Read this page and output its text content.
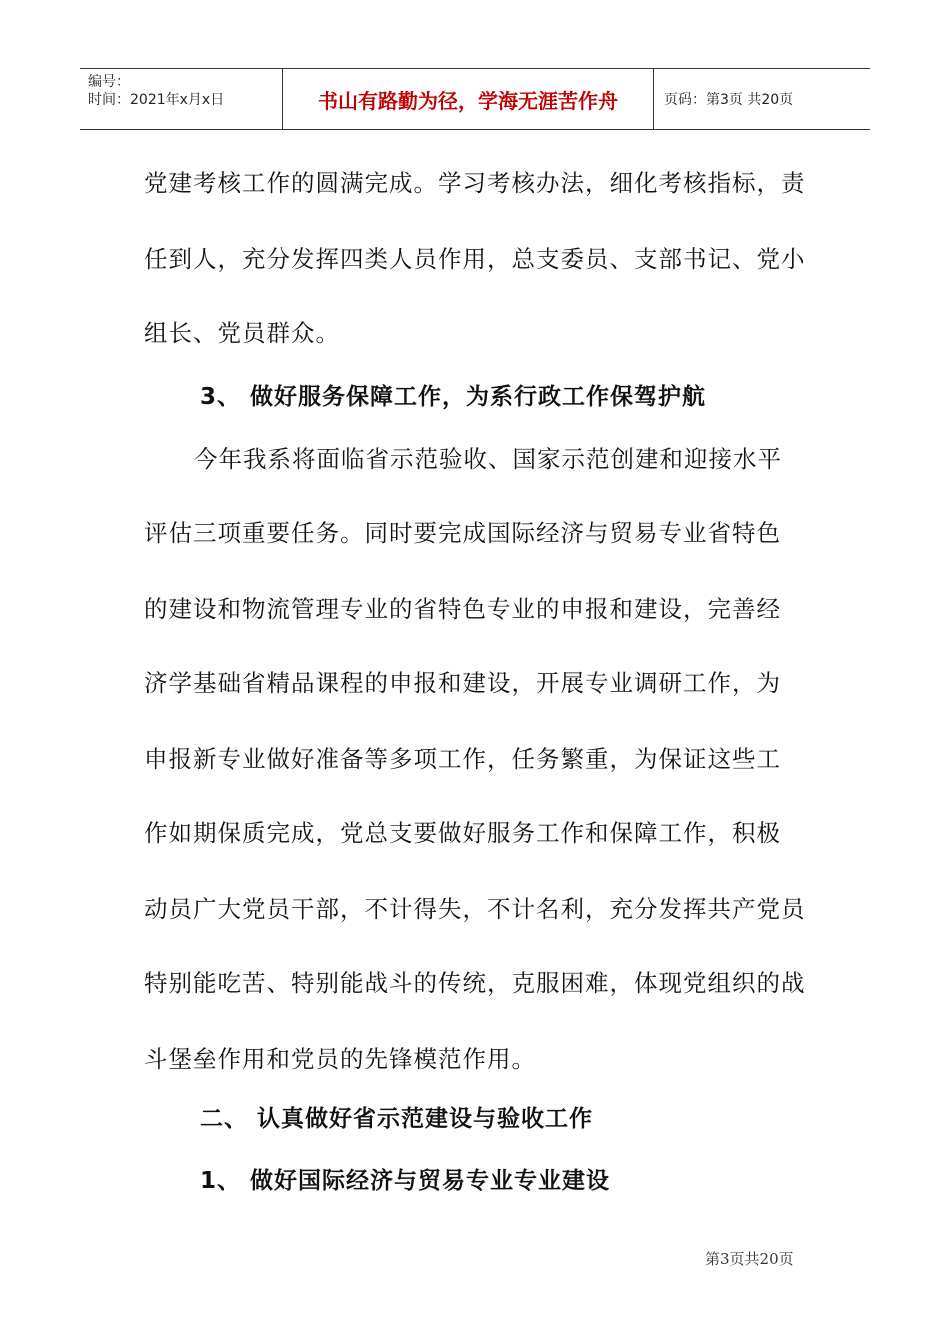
编号：
时间：2021年x月x日	书山有路勤为径，学海无涯苦作舟	页码：第3页 共20页
党建考核工作的圆满完成。学习考核办法，细化考核指标，责
任到人，充分发挥四类人员作用，总支委员、支部书记、党小
组长、党员群众。
今年我系将面临省示范验收、国家示范创建和迎接水平
评估三项重要任务。同时要完成国际经济与贸易专业省特色
的建设和物流管理专业的省特色专业的申报和建设，完善经
济学基础省精品课程的申报和建设，开展专业调研工作，为
申报新专业做好准备等多项工作，任务繁重，为保证这些工
作如期保质完成，党总支要做好服务工作和保障工作，积极
动员广大党员干部，不计得失，不计名利，充分发挥共产党员
特别能吃苦、特别能战斗的传统，克服困难，体现党组织的战
斗堡垒作用和党员的先锋模范作用。
3、 做好服务保障工作，为系行政工作保驾护航
二、 认真做好省示范建设与验收工作
1、 做好国际经济与贸易专业专业建设
第3页共20页
